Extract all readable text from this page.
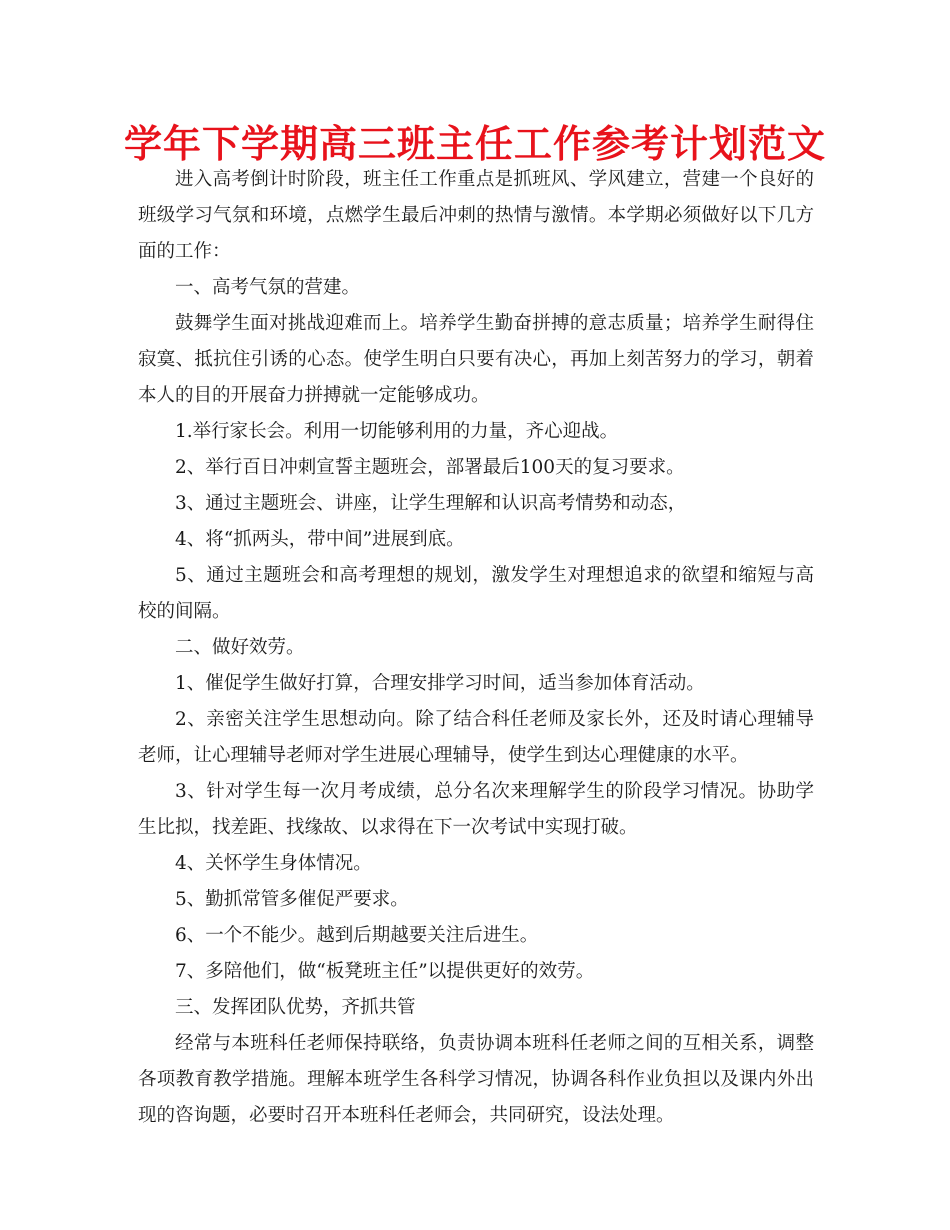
学年下学期高三班主任工作参考计划范文

进入高考倒计时阶段，班主任工作重点是抓班风、学风建立，营建一个良好的班级学习气氛和环境，点燃学生最后冲刺的热情与激情。本学期必须做好以下几方面的工作：

一、高考气氛的营建。

鼓舞学生面对挑战迎难而上。培养学生勤奋拼搏的意志质量；培养学生耐得住寂寞、抵抗住引诱的心态。使学生明白只要有决心，再加上刻苦努力的学习，朝着本人的目的开展奋力拼搏就一定能够成功。

1.举行家长会。利用一切能够利用的力量，齐心迎战。

2、举行百日冲刺宣誓主题班会，部署最后100天的复习要求。

3、通过主题班会、讲座，让学生理解和认识高考情势和动态，

4、将“抓两头，带中间”进展到底。

5、通过主题班会和高考理想的规划，激发学生对理想追求的欲望和缩短与高校的间隔。

二、做好效劳。

1、催促学生做好打算，合理安排学习时间，适当参加体育活动。

2、亲密关注学生思想动向。除了结合科任老师及家长外，还及时请心理辅导老师，让心理辅导老师对学生进展心理辅导，使学生到达心理健康的水平。

3、针对学生每一次月考成绩，总分名次来理解学生的阶段学习情况。协助学生比拟，找差距、找缘故、以求得在下一次考试中实现打破。

4、关怀学生身体情况。

5、勤抓常管多催促严要求。

6、一个不能少。越到后期越要关注后进生。

7、多陪他们，做“板凳班主任”以提供更好的效劳。

三、发挥团队优势，齐抓共管

经常与本班科任老师保持联络，负责协调本班科任老师之间的互相关系，调整各项教育教学措施。理解本班学生各科学习情况，协调各科作业负担以及课内外出现的咨询题，必要时召开本班科任老师会，共同研究，设法处理。
